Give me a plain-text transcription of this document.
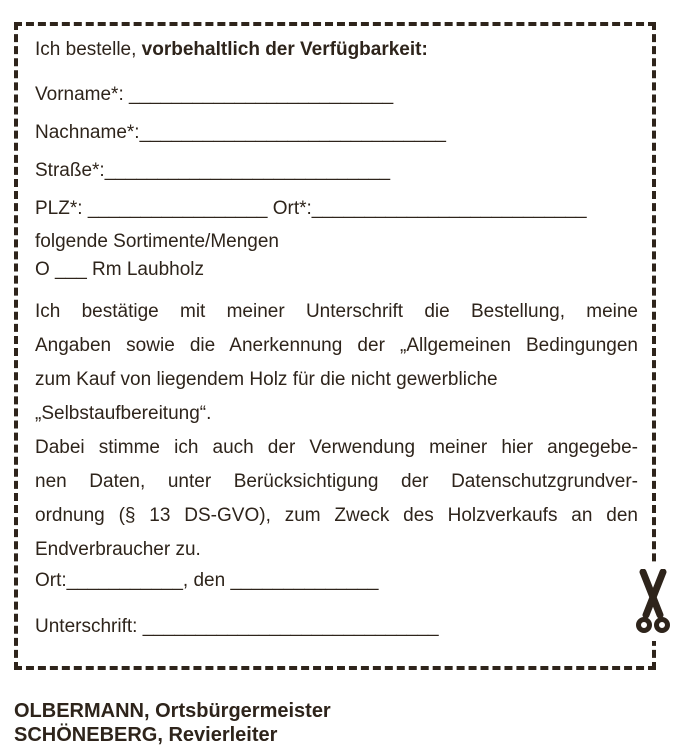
Ich bestelle, vorbehaltlich der Verfügbarkeit:

Vorname*: _________________________

Nachname*:_____________________________

Straße*:___________________________

PLZ*: _________________ Ort*:__________________________

folgende Sortimente/Mengen

O ___ Rm Laubholz

Ich bestätige mit meiner Unterschrift die Bestellung, meine
Angaben sowie die Anerkennung der „Allgemeinen Bedingungen
zum Kauf von liegendem Holz für die nicht gewerbliche
„Selbstaufbereitung“.
Dabei stimme ich auch der Verwendung meiner hier angegebe-
nen Daten, unter Berücksichtigung der Datenschutzgrundver-
ordnung (§ 13 DS-GVO), zum Zweck des Holzverkaufs an den
Endverbraucher zu.

Ort:___________, den ______________

Unterschrift: ____________________________

OLBERMANN, Ortsbürgermeister
SCHÖNEBERG, Revierleiter
